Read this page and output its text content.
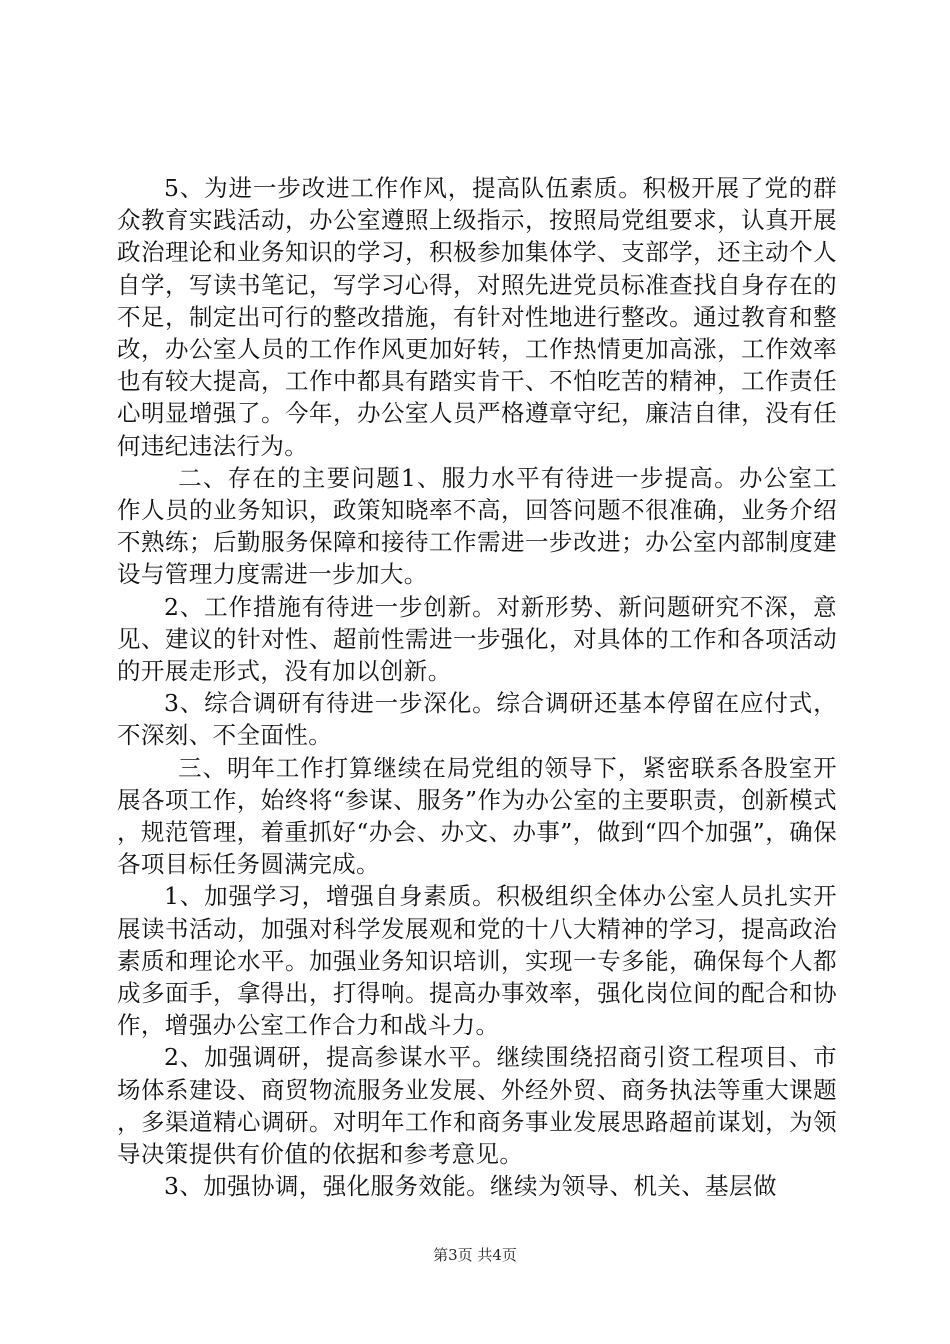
5、为进一步改进工作作风，提高队伍素质。积极开展了党的群众教育实践活动，办公室遵照上级指示，按照局党组要求，认真开展政治理论和业务知识的学习，积极参加集体学、支部学，还主动个人自学，写读书笔记，写学习心得，对照先进党员标准查找自身存在的不足，制定出可行的整改措施，有针对性地进行整改。通过教育和整改，办公室人员的工作作风更加好转，工作热情更加高涨，工作效率也有较大提高，工作中都具有踏实肯干、不怕吃苦的精神，工作责任心明显增强了。今年，办公室人员严格遵章守纪，廉洁自律，没有任何违纪违法行为。

二、存在的主要问题1、服力水平有待进一步提高。办公室工作人员的业务知识，政策知晓率不高，回答问题不很准确，业务介绍不熟练；后勤服务保障和接待工作需进一步改进；办公室内部制度建设与管理力度需进一步加大。

2、工作措施有待进一步创新。对新形势、新问题研究不深，意见、建议的针对性、超前性需进一步强化，对具体的工作和各项活动的开展走形式，没有加以创新。

3、综合调研有待进一步深化。综合调研还基本停留在应付式，不深刻、不全面性。

三、明年工作打算继续在局党组的领导下，紧密联系各股室开展各项工作，始终将“参谋、服务”作为办公室的主要职责，创新模式，规范管理，着重抓好“办会、办文、办事”，做到“四个加强”，确保各项目标任务圆满完成。

1、加强学习，增强自身素质。积极组织全体办公室人员扎实开展读书活动，加强对科学发展观和党的十八大精神的学习，提高政治素质和理论水平。加强业务知识培训，实现一专多能，确保每个人都成多面手，拿得出，打得响。提高办事效率，强化岗位间的配合和协作，增强办公室工作合力和战斗力。

2、加强调研，提高参谋水平。继续围绕招商引资工程项目、市场体系建设、商贸物流服务业发展、外经外贸、商务执法等重大课题，多渠道精心调研。对明年工作和商务事业发展思路超前谋划，为领导决策提供有价值的依据和参考意见。

3、加强协调，强化服务效能。继续为领导、机关、基层做

第3页 共4页
